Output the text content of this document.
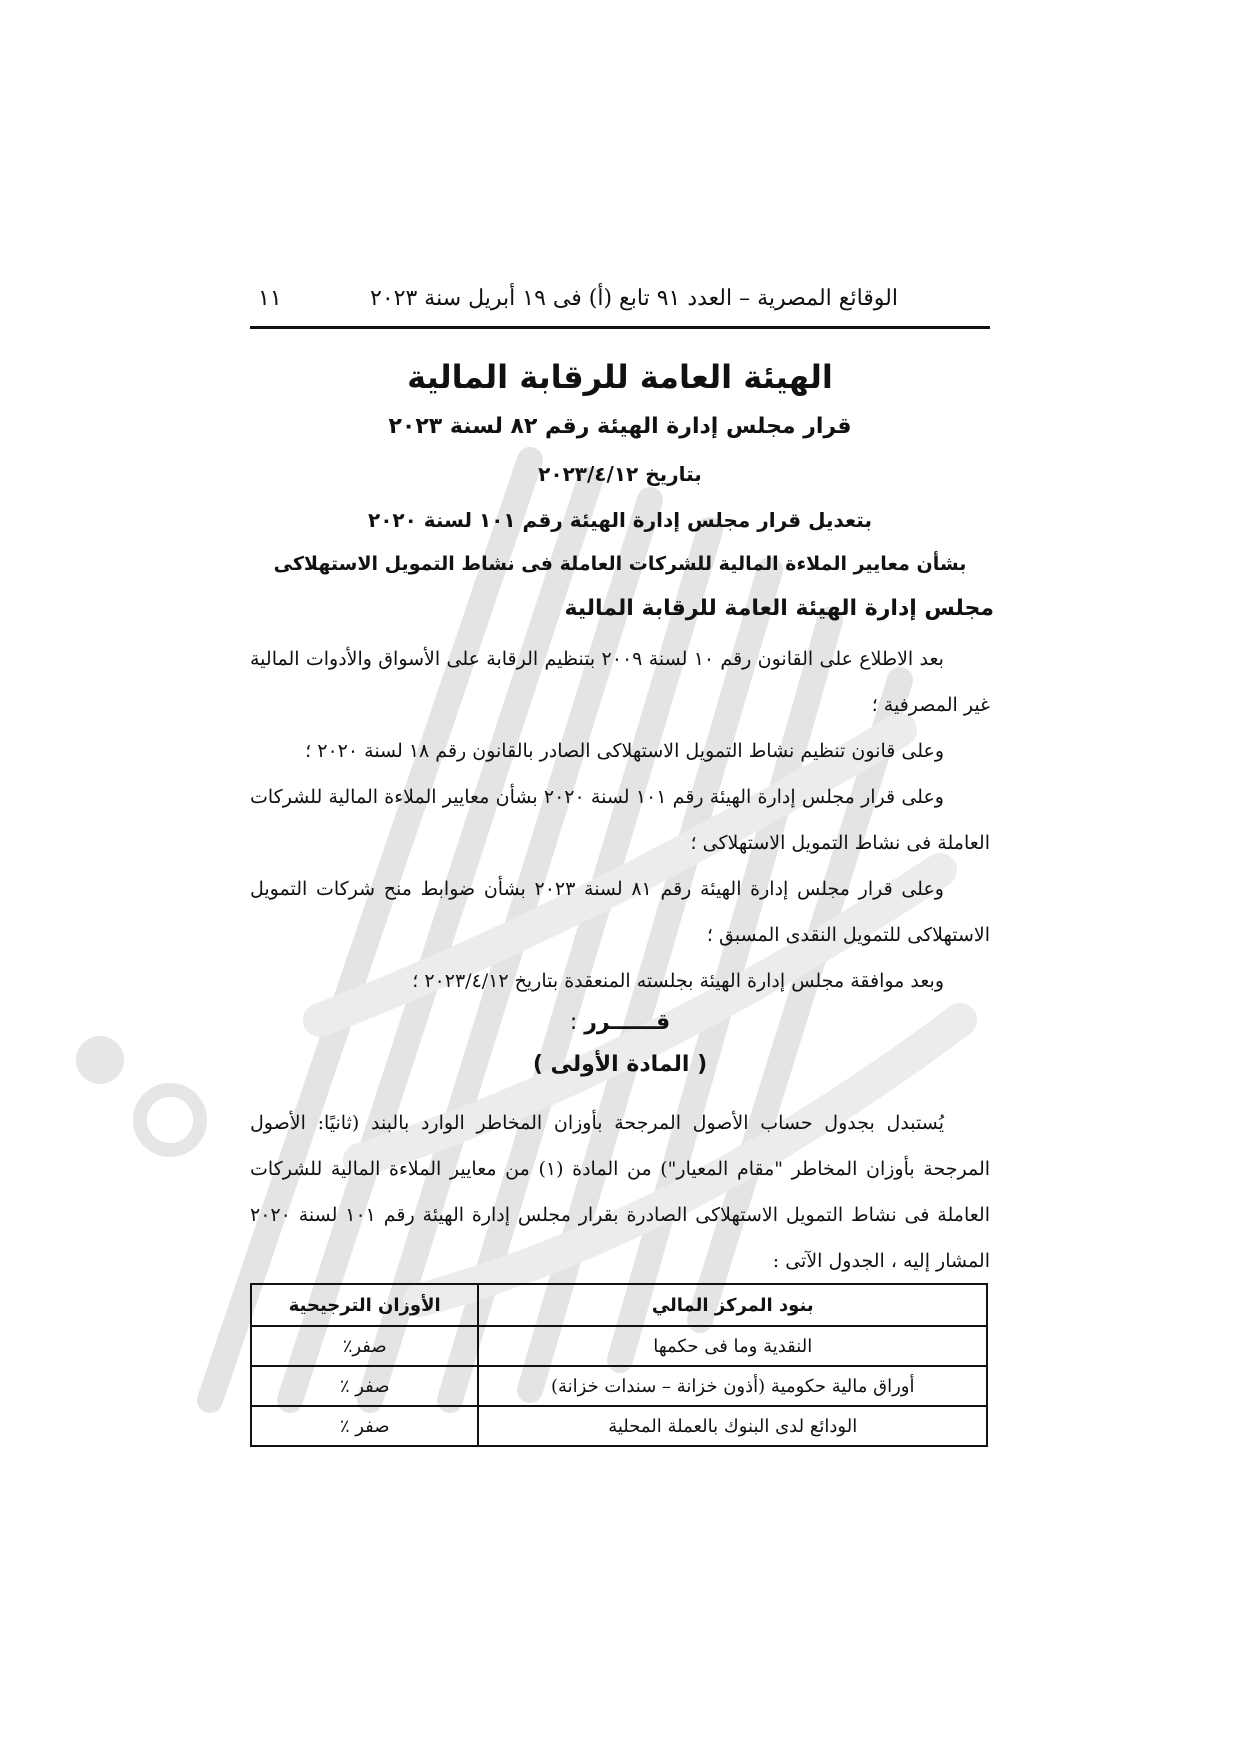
الوقائع المصرية – العدد ٩١ تابع (أ) فى ١٩ أبريل سنة ٢٠٢٣
١١
الهيئة العامة للرقابة المالية
قرار مجلس إدارة الهيئة رقم ٨٢ لسنة ٢٠٢٣
بتاريخ ٢٠٢٣/٤/١٢
بتعديل قرار مجلس إدارة الهيئة رقم ١٠١ لسنة ٢٠٢٠
بشأن معايير الملاءة المالية للشركات العاملة فى نشاط التمويل الاستهلاكى
مجلس إدارة الهيئة العامة للرقابة المالية
بعد الاطلاع على القانون رقم ١٠ لسنة ٢٠٠٩ بتنظيم الرقابة على الأسواق والأدوات المالية غير المصرفية ؛
وعلى قانون تنظيم نشاط التمويل الاستهلاكى الصادر بالقانون رقم ١٨ لسنة ٢٠٢٠ ؛
وعلى قرار مجلس إدارة الهيئة رقم ١٠١ لسنة ٢٠٢٠ بشأن معايير الملاءة المالية للشركات العاملة فى نشاط التمويل الاستهلاكى ؛
وعلى قرار مجلس إدارة الهيئة رقم ٨١ لسنة ٢٠٢٣ بشأن ضوابط منح شركات التمويل الاستهلاكى للتمويل النقدى المسبق ؛
وبعد موافقة مجلس إدارة الهيئة بجلسته المنعقدة بتاريخ ٢٠٢٣/٤/١٢ ؛
قــــــرر :
( المادة الأولى )
يُستبدل بجدول حساب الأصول المرجحة بأوزان المخاطر الوارد بالبند (ثانيًا: الأصول المرجحة بأوزان المخاطر "مقام المعيار") من المادة (١) من معايير الملاءة المالية للشركات العاملة فى نشاط التمويل الاستهلاكى الصادرة بقرار مجلس إدارة الهيئة رقم ١٠١ لسنة ٢٠٢٠ المشار إليه ، الجدول الآتى :
بنود المركز المالي	الأوزان الترجيحية
النقدية وما فى حكمها	صفر٪
أوراق مالية حكومية (أذون خزانة – سندات خزانة)	صفر ٪
الودائع لدى البنوك بالعملة المحلية	صفر ٪
